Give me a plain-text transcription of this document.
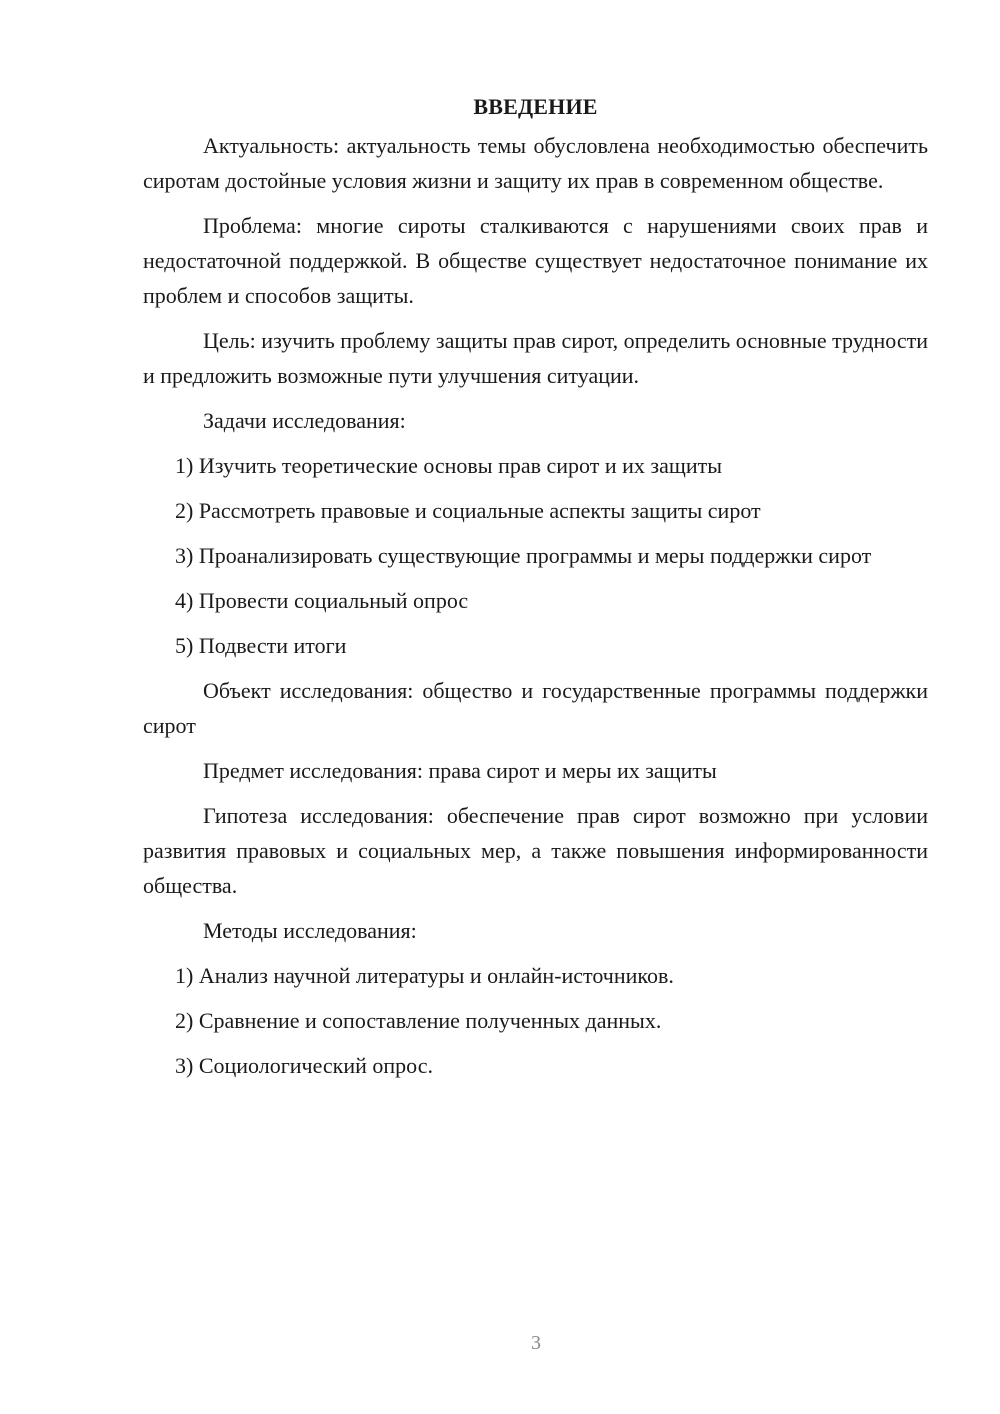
ВВЕДЕНИЕ

Актуальность: актуальность темы обусловлена необходимостью обеспечить сиротам достойные условия жизни и защиту их прав в современном обществе.

Проблема: многие сироты сталкиваются с нарушениями своих прав и недостаточной поддержкой. В обществе существует недостаточное понимание их проблем и способов защиты.

Цель: изучить проблему защиты прав сирот, определить основные трудности и предложить возможные пути улучшения ситуации.

Задачи исследования:

1) Изучить теоретические основы прав сирот и их защиты

2) Рассмотреть правовые и социальные аспекты защиты сирот

3) Проанализировать существующие программы и меры поддержки сирот

4) Провести социальный опрос

5) Подвести итоги

Объект исследования: общество и государственные программы поддержки сирот

Предмет исследования: права сирот и меры их защиты

Гипотеза исследования: обеспечение прав сирот возможно при условии развития правовых и социальных мер, а также повышения информированности общества.

Методы исследования:

1) Анализ научной литературы и онлайн-источников.

2) Сравнение и сопоставление полученных данных.

3) Социологический опрос.

3
